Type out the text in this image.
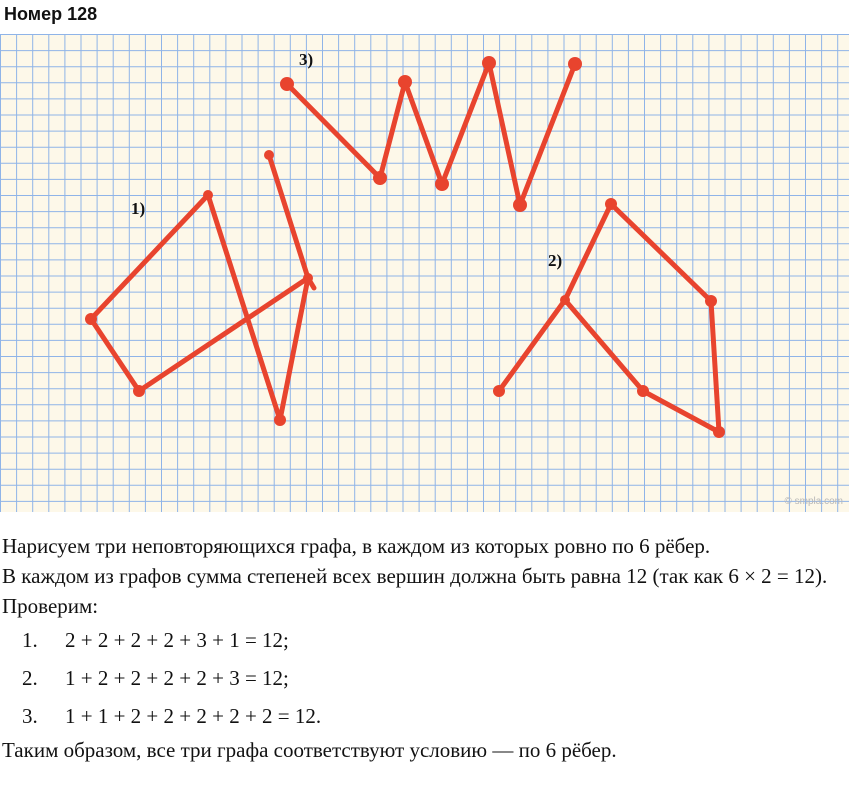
Номер 128
1)
2)
3)
© smpla.com

Нарисуем три неповторяющихся графа, в каждом из которых ровно по 6 рёбер.

В каждом из графов сумма степеней всех вершин должна быть равна 12 (так как 6 × 2 = 12).

Проверим:

1. 2 + 2 + 2 + 2 + 3 + 1 = 12;
2. 1 + 2 + 2 + 2 + 2 + 3 = 12;
3. 1 + 1 + 2 + 2 + 2 + 2 + 2 = 12.

Таким образом, все три графа соответствуют условию — по 6 рёбер.
